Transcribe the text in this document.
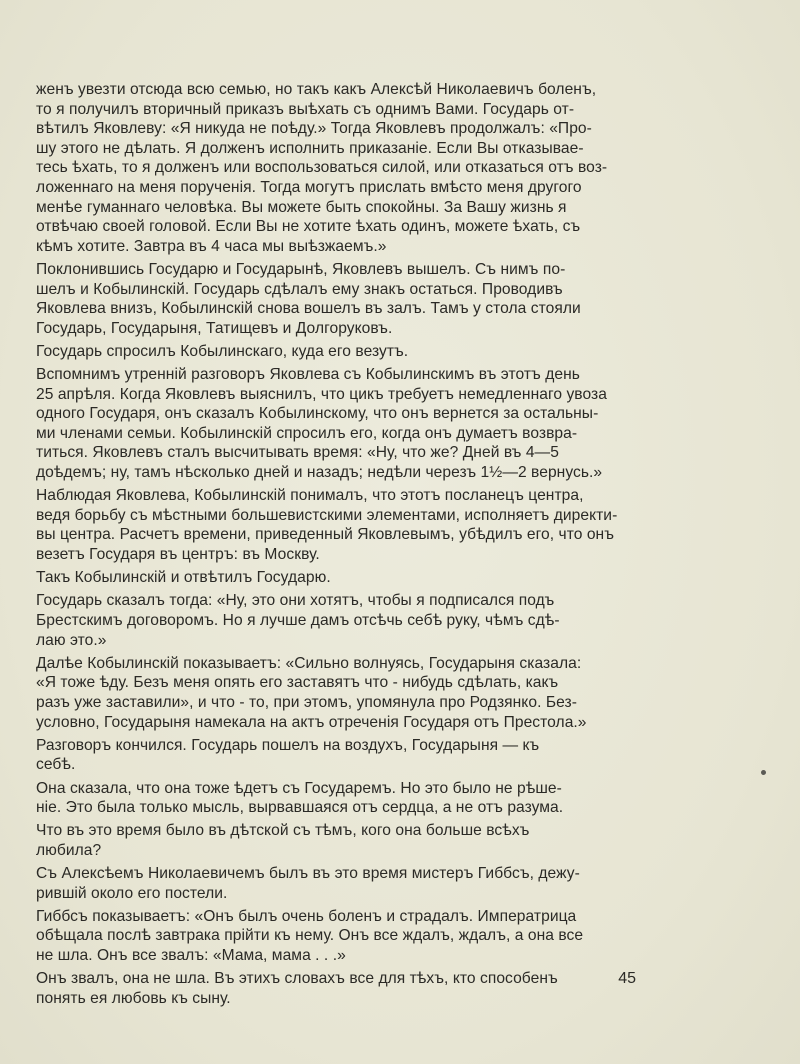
женъ увезти отсюда всю семью, но такъ какъ Алексѣй Николаевичъ боленъ,
то я получилъ вторичный приказъ выѣхать съ однимъ Вами. Государь от-
вѣтилъ Яковлеву: «Я никуда не поѣду.» Тогда Яковлевъ продолжалъ: «Про-
шу этого не дѣлать. Я долженъ исполнить приказаніе. Если Вы отказывае-
тесь ѣхать, то я долженъ или воспользоваться силой, или отказаться отъ воз-
ложеннаго на меня порученія. Тогда могутъ прислать вмѣсто меня другого
менѣе гуманнаго человѣка. Вы можете быть спокойны. За Вашу жизнь я
отвѣчаю своей головой. Если Вы не хотите ѣхать одинъ, можете ѣхать, съ
кѣмъ хотите. Завтра въ 4 часа мы выѣзжаемъ.»

Поклонившись Государю и Государынѣ, Яковлевъ вышелъ. Съ нимъ по-
шелъ и Кобылинскій. Государь сдѣлалъ ему знакъ остаться. Проводивъ
Яковлева внизъ, Кобылинскій снова вошелъ въ залъ. Тамъ у стола стояли
Государь, Государыня, Татищевъ и Долгоруковъ.

Государь спросилъ Кобылинскаго, куда его везутъ.

Вспомнимъ утренній разговоръ Яковлева съ Кобылинскимъ въ этотъ день
25 апрѣля. Когда Яковлевъ выяснилъ, что цикъ требуетъ немедленнаго увоза
одного Государя, онъ сказалъ Кобылинскому, что онъ вернется за остальны-
ми членами семьи. Кобылинскій спросилъ его, когда онъ думаетъ возвра-
титься. Яковлевъ сталъ высчитывать время: «Ну, что же? Дней въ 4—5
доѣдемъ; ну, тамъ нѣсколько дней и назадъ; недѣли черезъ 1½—2 вернусь.»

Наблюдая Яковлева, Кобылинскій понималъ, что этотъ посланецъ центра,
ведя борьбу съ мѣстными большевистскими элементами, исполняетъ директи-
вы центра. Расчетъ времени, приведенный Яковлевымъ, убѣдилъ его, что онъ
везетъ Государя въ центръ: въ Москву.

Такъ Кобылинскій и отвѣтилъ Государю.

Государь сказалъ тогда: «Ну, это они хотятъ, чтобы я подписался подъ
Брестскимъ договоромъ. Но я лучше дамъ отсѣчь себѣ руку, чѣмъ сдѣ-
лаю это.»

Далѣе Кобылинскій показываетъ: «Сильно волнуясь, Государыня сказала:
«Я тоже ѣду. Безъ меня опять его заставятъ что - нибудь сдѣлать, какъ
разъ уже заставили», и что - то, при этомъ, упомянула про Родзянко. Без-
условно, Государыня намекала на актъ отреченія Государя отъ Престола.»

Разговоръ кончился. Государь пошелъ на воздухъ, Государыня — къ
себѣ.

Она сказала, что она тоже ѣдетъ съ Государемъ. Но это было не рѣше-
ніе. Это была только мысль, вырвавшаяся отъ сердца, а не отъ разума.

Что въ это время было въ дѣтской съ тѣмъ, кого она больше всѣхъ
любила?

Съ Алексѣемъ Николаевичемъ былъ въ это время мистеръ Гиббсъ, дежу-
рившій около его постели.

Гиббсъ показываетъ: «Онъ былъ очень боленъ и страдалъ. Императрица
обѣщала послѣ завтрака прійти къ нему. Онъ все ждалъ, ждалъ, а она все
не шла. Онъ все звалъ: «Мама, мама . . .»

Онъ звалъ, она не шла. Въ этихъ словахъ все для тѣхъ, кто способенъ
понять ея любовь къ сыну.

45
